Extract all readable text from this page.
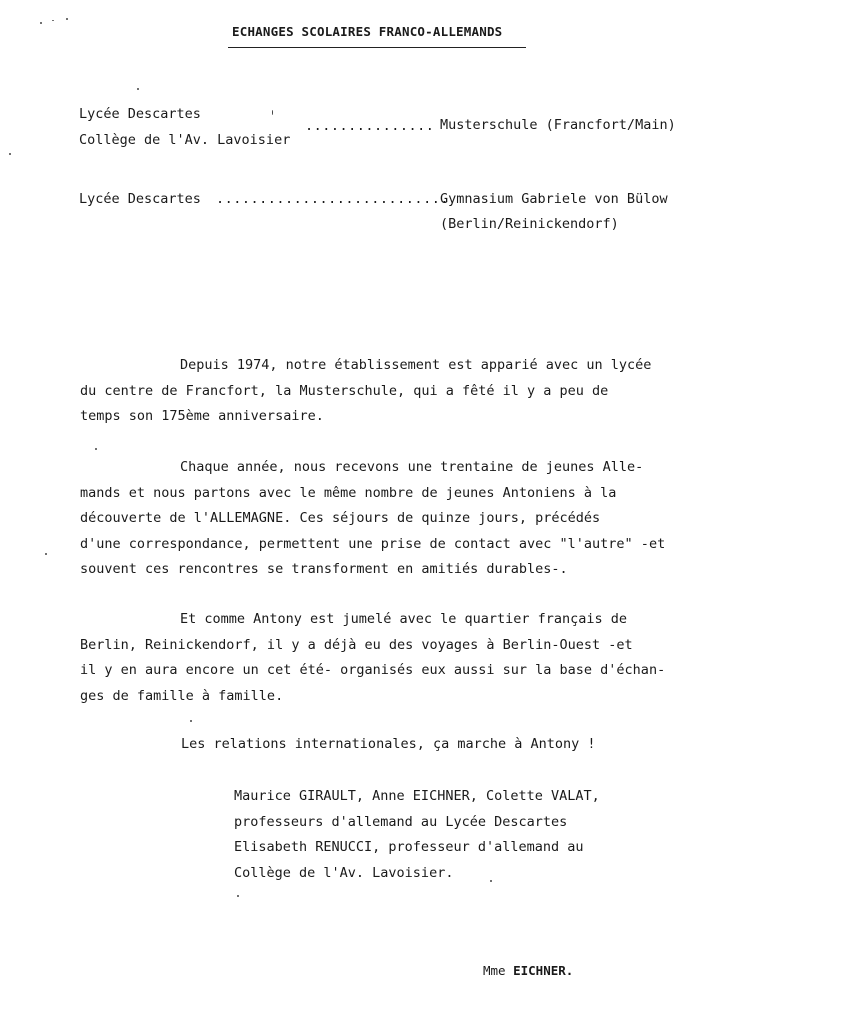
ECHANGES SCOLAIRES FRANCO-ALLEMANDS
Lycée Descartes
Collège de l'Av. Lavoisier
............... Musterschule (Francfort/Main)
Lycée Descartes ...........................
Gymnasium Gabriele von Bülow
(Berlin/Reinickendorf)
Depuis 1974, notre établissement est apparié avec un lycée
du centre de Francfort, la Musterschule, qui a fêté il y a peu de
temps son 175ème anniversaire.
Chaque année, nous recevons une trentaine de jeunes Alle-
mands et nous partons avec le même nombre de jeunes Antoniens à la
découverte de l'ALLEMAGNE. Ces séjours de quinze jours, précédés
d'une correspondance, permettent une prise de contact avec "l'autre" -et
souvent ces rencontres se transforment en amitiés durables-.
Et comme Antony est jumelé avec le quartier français de
Berlin, Reinickendorf, il y a déjà eu des voyages à Berlin-Ouest -et
il y en aura encore un cet été- organisés eux aussi sur la base d'échan-
ges de famille à famille.
Les relations internationales, ça marche à Antony !
Maurice GIRAULT, Anne EICHNER, Colette VALAT,
professeurs d'allemand au Lycée Descartes
Elisabeth RENUCCI, professeur d'allemand au
Collège de l'Av. Lavoisier.
Mme EICHNER.
